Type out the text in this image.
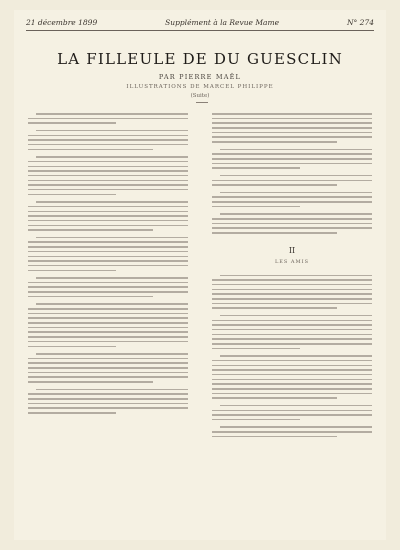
21 décembre 1899	Supplément à la Revue Mame	N° 274
LA FILLEULE DE DU GUESCLIN
PAR PIERRE MAËL
ILLUSTRATIONS DE MARCEL PHILIPPE
(Suite)
II
LES AMIS
